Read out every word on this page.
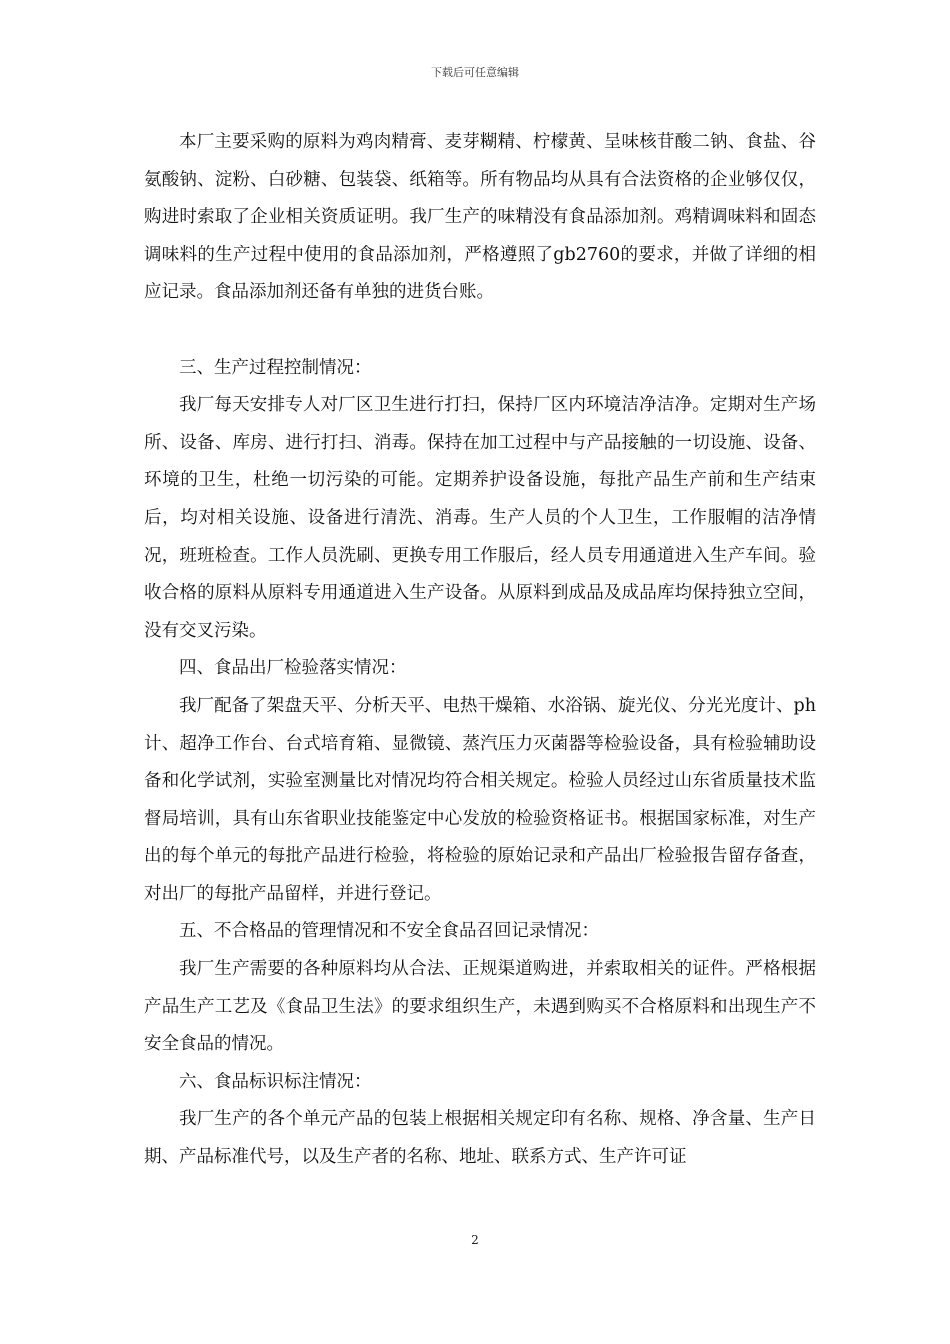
下载后可任意编辑

本厂主要采购的原料为鸡肉精膏、麦芽糊精、柠檬黄、呈味核苷酸二钠、食盐、谷氨酸钠、淀粉、白砂糖、包装袋、纸箱等。所有物品均从具有合法资格的企业够仅仅，购进时索取了企业相关资质证明。我厂生产的味精没有食品添加剂。鸡精调味料和固态调味料的生产过程中使用的食品添加剂，严格遵照了gb2760的要求，并做了详细的相应记录。食品添加剂还备有单独的进货台账。

三、生产过程控制情况：

我厂每天安排专人对厂区卫生进行打扫，保持厂区内环境洁净洁净。定期对生产场所、设备、库房、进行打扫、消毒。保持在加工过程中与产品接触的一切设施、设备、环境的卫生，杜绝一切污染的可能。定期养护设备设施，每批产品生产前和生产结束后，均对相关设施、设备进行清洗、消毒。生产人员的个人卫生，工作服帽的洁净情况，班班检查。工作人员洗刷、更换专用工作服后，经人员专用通道进入生产车间。验收合格的原料从原料专用通道进入生产设备。从原料到成品及成品库均保持独立空间，没有交叉污染。

四、食品出厂检验落实情况：

我厂配备了架盘天平、分析天平、电热干燥箱、水浴锅、旋光仪、分光光度计、ph计、超净工作台、台式培育箱、显微镜、蒸汽压力灭菌器等检验设备，具有检验辅助设备和化学试剂，实验室测量比对情况均符合相关规定。检验人员经过山东省质量技术监督局培训，具有山东省职业技能鉴定中心发放的检验资格证书。根据国家标准，对生产出的每个单元的每批产品进行检验，将检验的原始记录和产品出厂检验报告留存备查，对出厂的每批产品留样，并进行登记。

五、不合格品的管理情况和不安全食品召回记录情况：

我厂生产需要的各种原料均从合法、正规渠道购进，并索取相关的证件。严格根据产品生产工艺及《食品卫生法》的要求组织生产，未遇到购买不合格原料和出现生产不安全食品的情况。

六、食品标识标注情况：

我厂生产的各个单元产品的包装上根据相关规定印有名称、规格、净含量、生产日期、产品标准代号，以及生产者的名称、地址、联系方式、生产许可证

2
